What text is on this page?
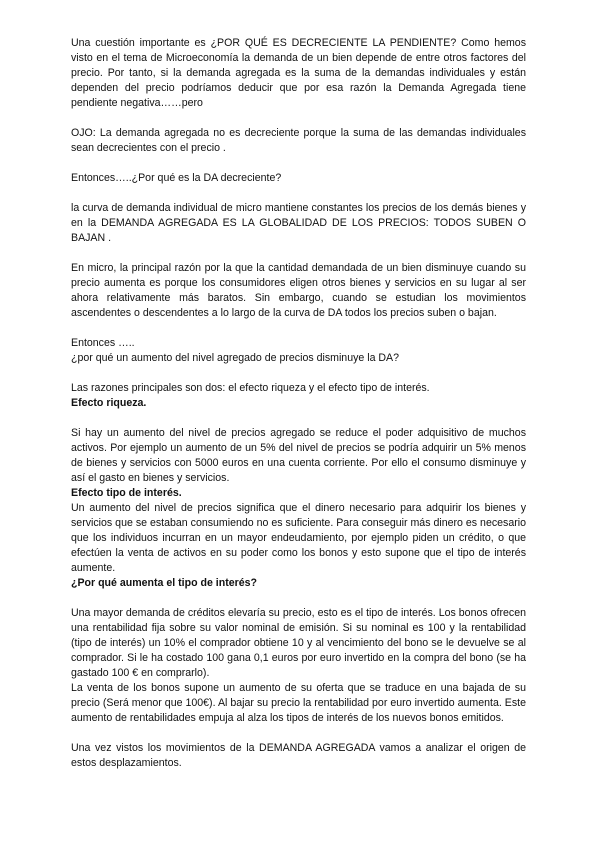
Una cuestión importante es ¿POR QUÉ ES DECRECIENTE LA PENDIENTE? Como hemos visto en el tema de Microeconomía la demanda de un bien depende de entre otros factores del precio. Por tanto, si la demanda agregada es la suma de la demandas individuales y están dependen del precio podríamos deducir que por esa razón la Demanda Agregada tiene pendiente negativa……pero

OJO: La demanda agregada no es decreciente porque la suma de las demandas individuales sean decrecientes con el precio .

Entonces…..¿Por qué es la DA decreciente?

la curva de demanda individual de micro mantiene constantes los precios de los demás bienes y en la DEMANDA AGREGADA ES LA GLOBALIDAD DE LOS PRECIOS: TODOS SUBEN O BAJAN .

En micro, la principal razón por la que la cantidad demandada de un bien disminuye cuando su precio aumenta es porque los consumidores eligen otros bienes y servicios en su lugar al ser ahora relativamente más baratos. Sin embargo, cuando se estudian los movimientos ascendentes o descendentes a lo largo de la curva de DA todos los precios suben o bajan.

Entonces …..

¿por qué un aumento del nivel agregado de precios disminuye la DA?

Las razones principales son dos: el efecto riqueza y el efecto tipo de interés.

Efecto riqueza.

Si hay un aumento del nivel de precios agregado se reduce el poder adquisitivo de muchos activos. Por ejemplo un aumento de un 5% del nivel de precios se podría adquirir un 5% menos de bienes y servicios con 5000 euros en una cuenta corriente. Por ello el consumo disminuye y así el gasto en bienes y servicios.

Efecto tipo de interés.

Un aumento del nivel de precios significa que el dinero necesario para adquirir los bienes y servicios que se estaban consumiendo no es suficiente. Para conseguir más dinero es necesario que los individuos incurran en un mayor endeudamiento, por ejemplo piden un crédito, o que efectúen la venta de activos en su poder como los bonos y esto supone que el tipo de interés aumente.

¿Por qué aumenta el tipo de interés?

Una mayor demanda de créditos elevaría su precio, esto es el tipo de interés. Los bonos ofrecen una rentabilidad fija sobre su valor nominal de emisión. Si su nominal es 100 y la rentabilidad (tipo de interés) un 10% el comprador obtiene 10 y al vencimiento del bono se le devuelve se al comprador. Si le ha costado 100 gana 0,1 euros por euro invertido en la compra del bono (se ha gastado 100 € en comprarlo).

La venta de los bonos supone un aumento de su oferta que se traduce en una bajada de su precio (Será menor que 100€). Al bajar su precio la rentabilidad por euro invertido aumenta. Este aumento de rentabilidades empuja al alza los tipos de interés de los nuevos bonos emitidos.

Una vez vistos los movimientos de la DEMANDA AGREGADA vamos a analizar el origen de estos desplazamientos.
